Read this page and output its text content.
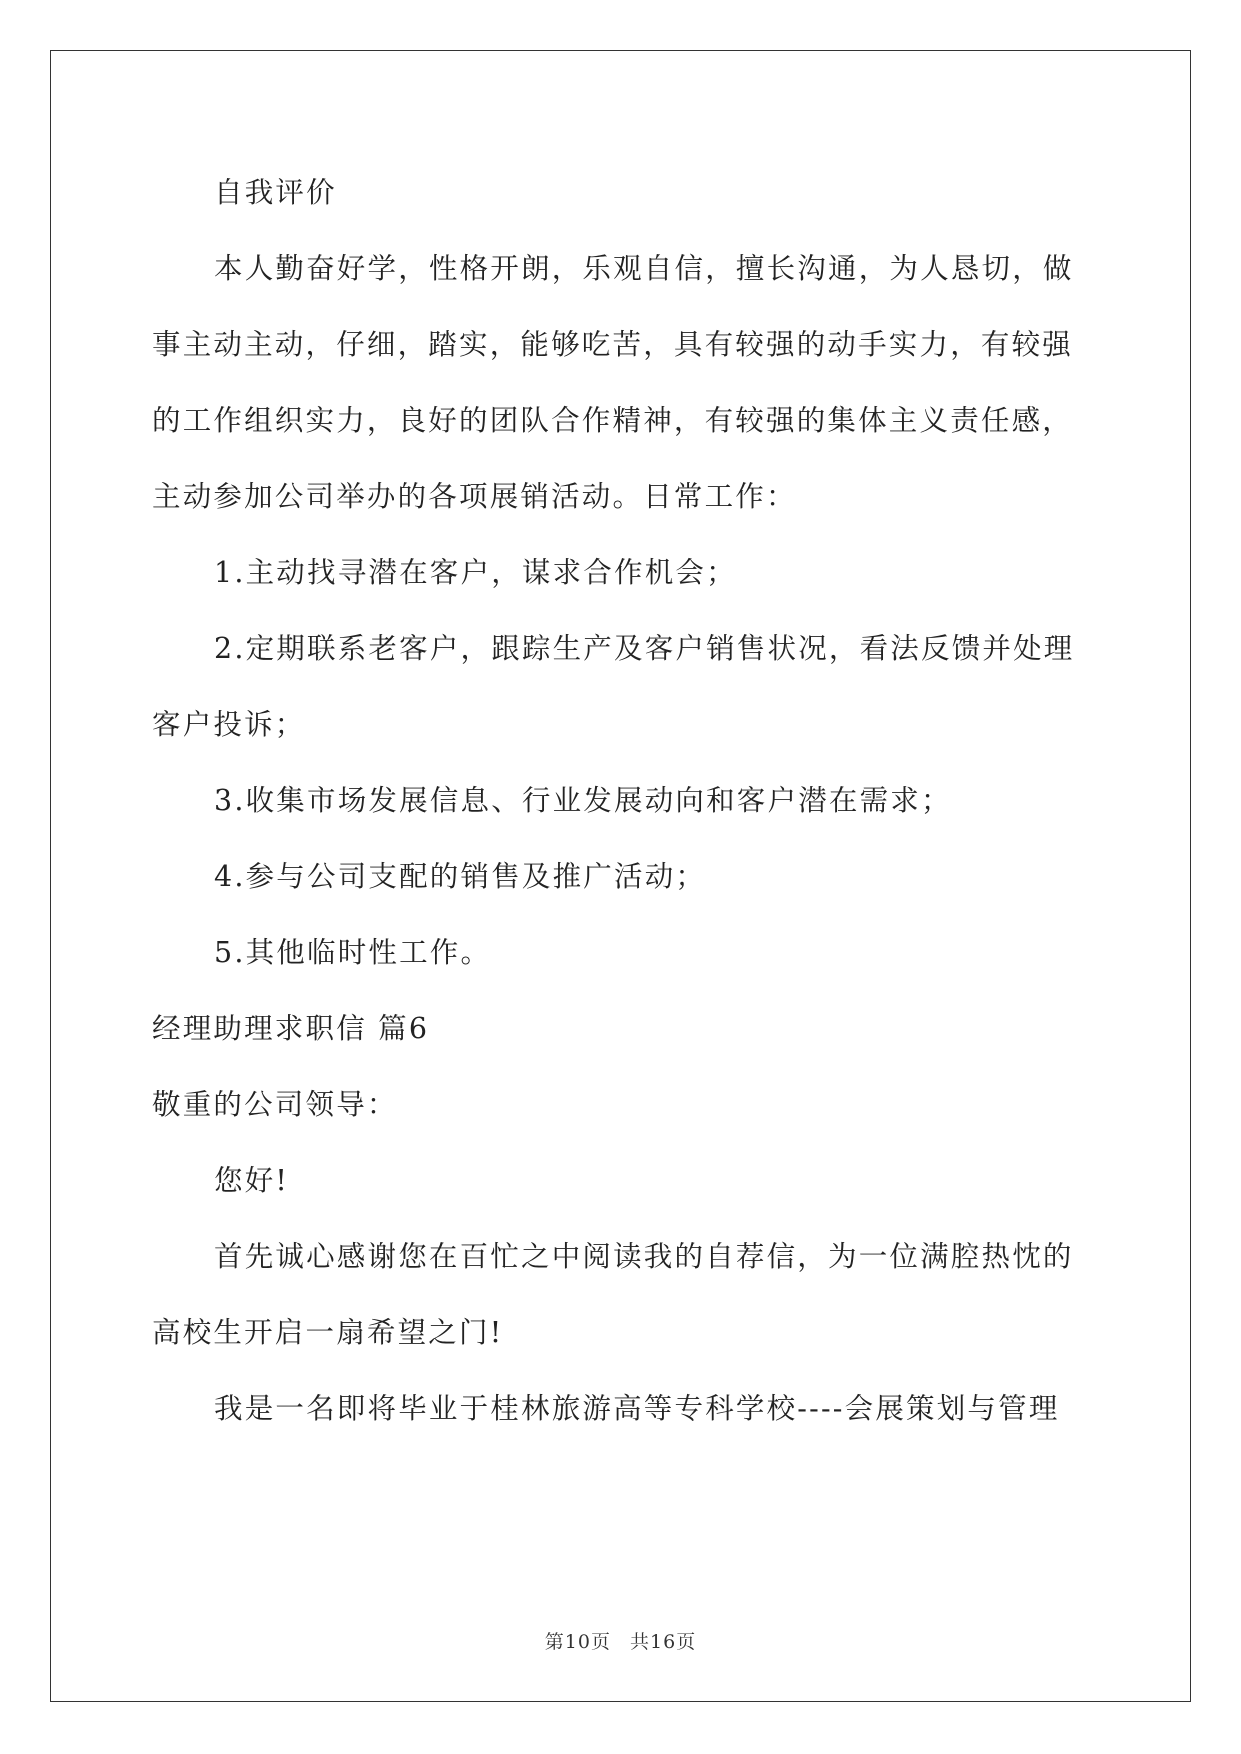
自我评价

本人勤奋好学，性格开朗，乐观自信，擅长沟通，为人恳切，做事主动主动，仔细，踏实，能够吃苦，具有较强的动手实力，有较强的工作组织实力，良好的团队合作精神，有较强的集体主义责任感，主动参加公司举办的各项展销活动。日常工作：

1.主动找寻潜在客户，谋求合作机会；

2.定期联系老客户，跟踪生产及客户销售状况，看法反馈并处理客户投诉；

3.收集市场发展信息、行业发展动向和客户潜在需求；

4.参与公司支配的销售及推广活动；

5.其他临时性工作。

经理助理求职信 篇6

敬重的公司领导：

您好!

首先诚心感谢您在百忙之中阅读我的自荐信，为一位满腔热忱的高校生开启一扇希望之门!

我是一名即将毕业于桂林旅游高等专科学校----会展策划与管理

第10页 共16页
